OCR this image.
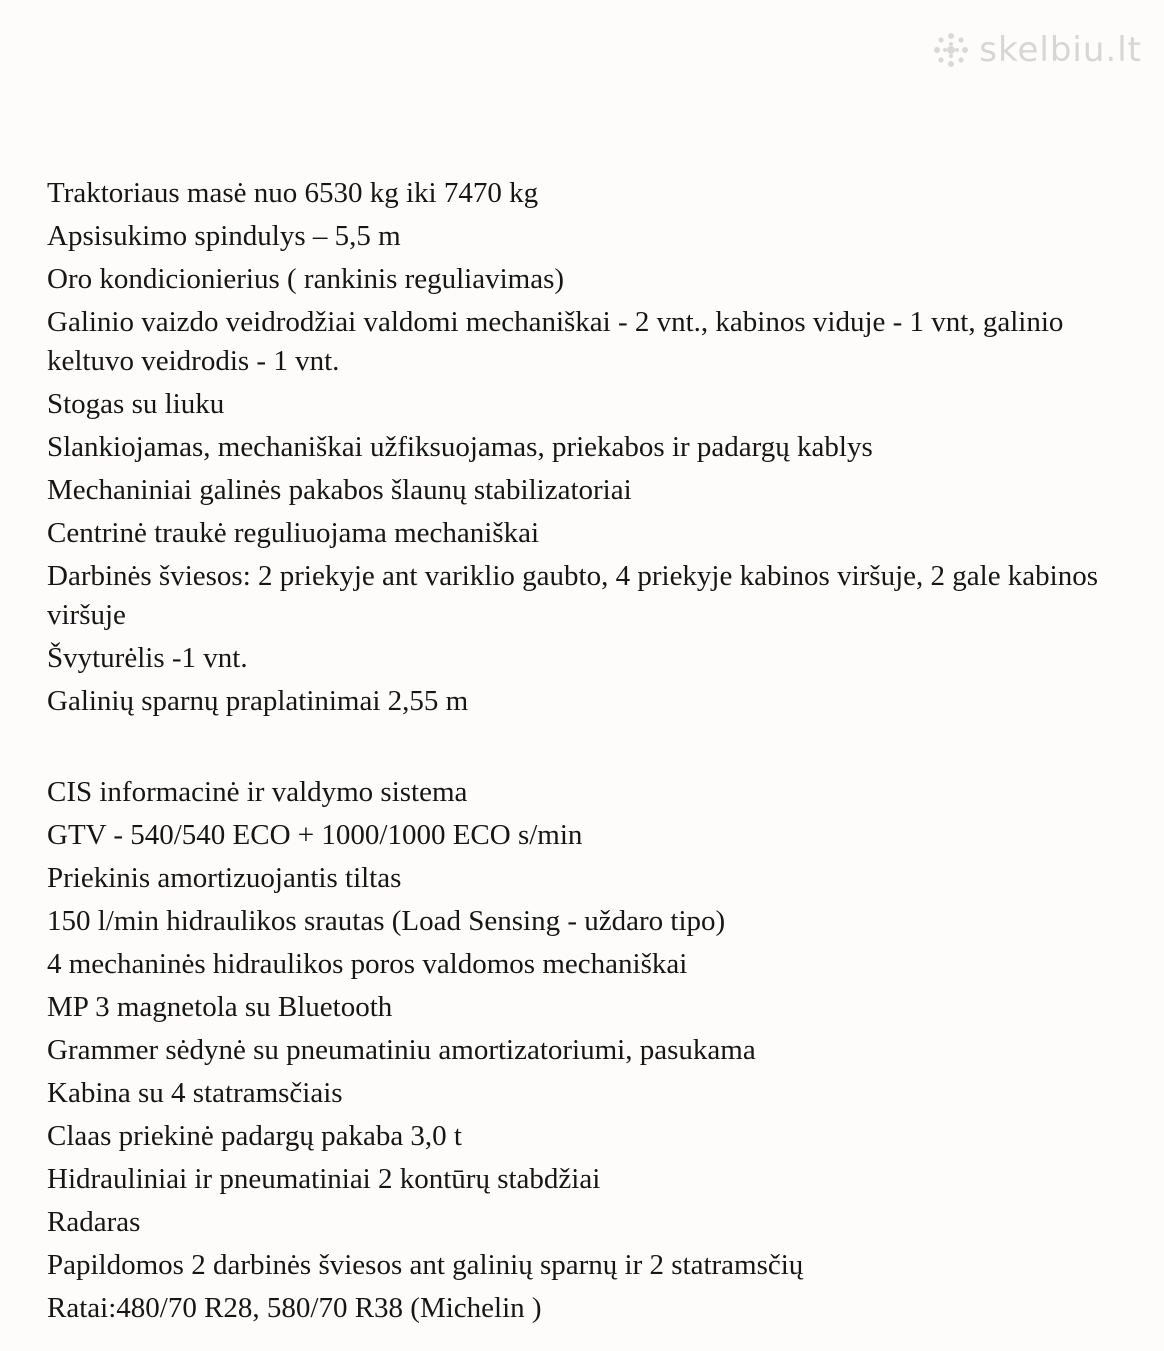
skelbiu.lt

Traktoriaus masė nuo 6530 kg iki 7470 kg

Apsisukimo spindulys – 5,5 m

Oro kondicionierius ( rankinis reguliavimas)

Galinio vaizdo veidrodžiai valdomi mechaniškai - 2 vnt., kabinos viduje - 1 vnt, galinio keltuvo veidrodis - 1 vnt.

Stogas su liuku

Slankiojamas, mechaniškai užfiksuojamas, priekabos ir padargų kablys

Mechaniniai galinės pakabos šlaunų stabilizatoriai

Centrinė traukė reguliuojama mechaniškai

Darbinės šviesos: 2 priekyje ant variklio gaubto, 4 priekyje kabinos viršuje, 2 gale kabinos viršuje

Švyturėlis -1 vnt.

Galinių sparnų praplatinimai 2,55 m

CIS informacinė ir valdymo sistema

GTV - 540/540 ECO + 1000/1000 ECO s/min

Priekinis amortizuojantis tiltas

150 l/min hidraulikos srautas (Load Sensing - uždaro tipo)

4 mechaninės hidraulikos poros valdomos mechaniškai

MP 3 magnetola su Bluetooth

Grammer sėdynė su pneumatiniu amortizatoriumi, pasukama

Kabina su 4 statramsčiais

Claas priekinė padargų pakaba 3,0 t

Hidrauliniai ir pneumatiniai 2 kontūrų stabdžiai

Radaras

Papildomos 2 darbinės šviesos ant galinių sparnų ir 2 statramsčių

Ratai:480/70 R28, 580/70 R38 (Michelin )
